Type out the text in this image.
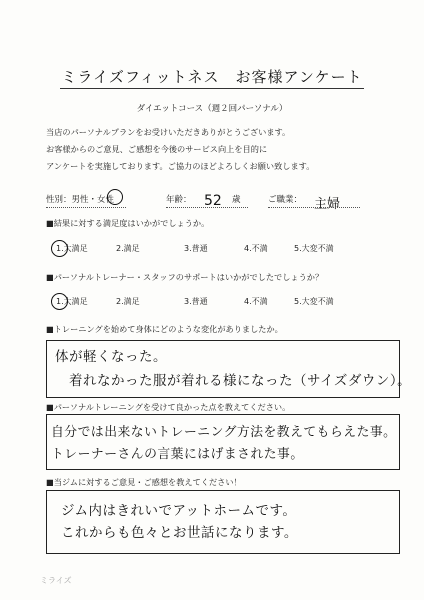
ミライズフィットネス　お客様アンケート
ダイエットコース（週２回パーソナル）
当店のパーソナルプランをお受けいただきありがとうございます。
お客様からのご意見、ご感想を今後のサービス向上を目的に
アンケートを実施しております。ご協力のほどよろしくお願い致します。
性別：男性・女性	年齢： 52 歳	ご職業： 主婦
■結果に対する満足度はいかがでしょうか。
1.大満足	2.満足	3.普通	4.不満	5.大変不満
■パーソナルトレーナー・スタッフのサポートはいかがでしたでしょうか？
1.大満足	2.満足	3.普通	4.不満	5.大変不満
■トレーニングを始めて身体にどのような変化がありましたか。
体が軽くなった。
着れなかった服が着れる様になった（サイズダウン）。
■パーソナルトレーニングを受けて良かった点を教えてください。
自分では出来ないトレーニング方法を教えてもらえた事。
トレーナーさんの言葉にはげまされた事。
■当ジムに対するご意見・ご感想を教えてください！
ジム内はきれいでアットホームです。
これからも色々とお世話になります。
ミライズ
